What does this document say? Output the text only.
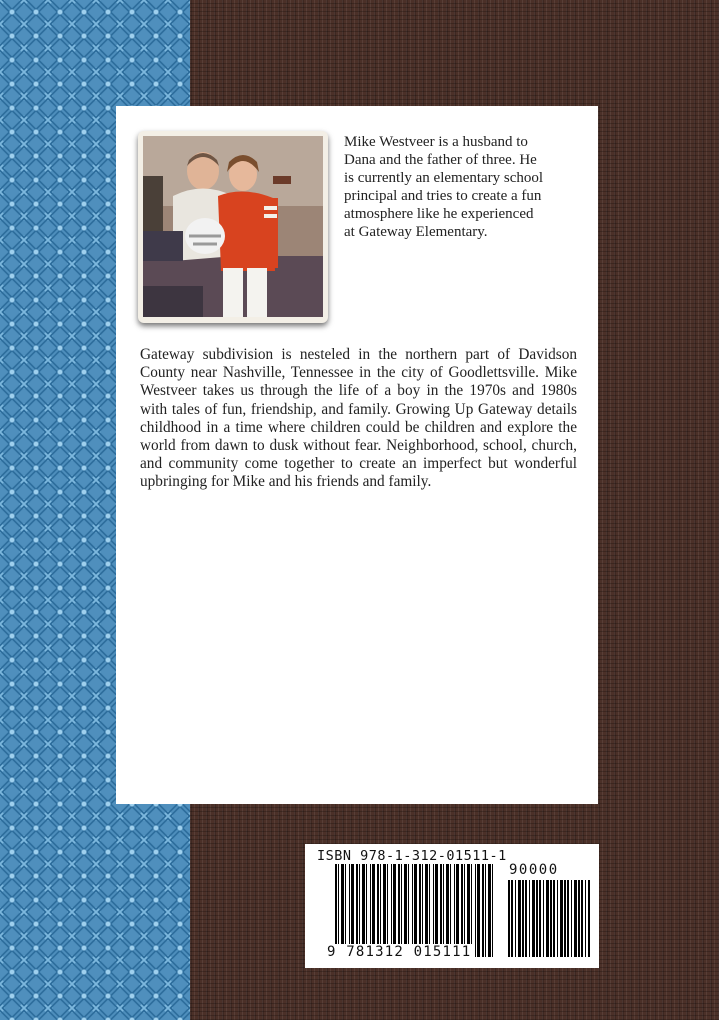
Mike Westveer is a husband to
Dana and the father of three. He
is currently an elementary school
principal and tries to create a fun
atmosphere like he experienced
at Gateway Elementary.

Gateway subdivision is nesteled in the northern part of Davidson County near Nashville, Tennessee in the city of Goodlettsville. Mike Westveer takes us through the life of a boy in the 1970s and 1980s with tales of fun, friendship, and family. Growing Up Gateway details childhood in a time where children could be children and explore the world from dawn to dusk without fear. Neighborhood, school, church, and community come together to create an imperfect but wonderful upbringing for Mike and his friends and family.

ISBN 978-1-312-01511-1
90000
9 781312 015111
